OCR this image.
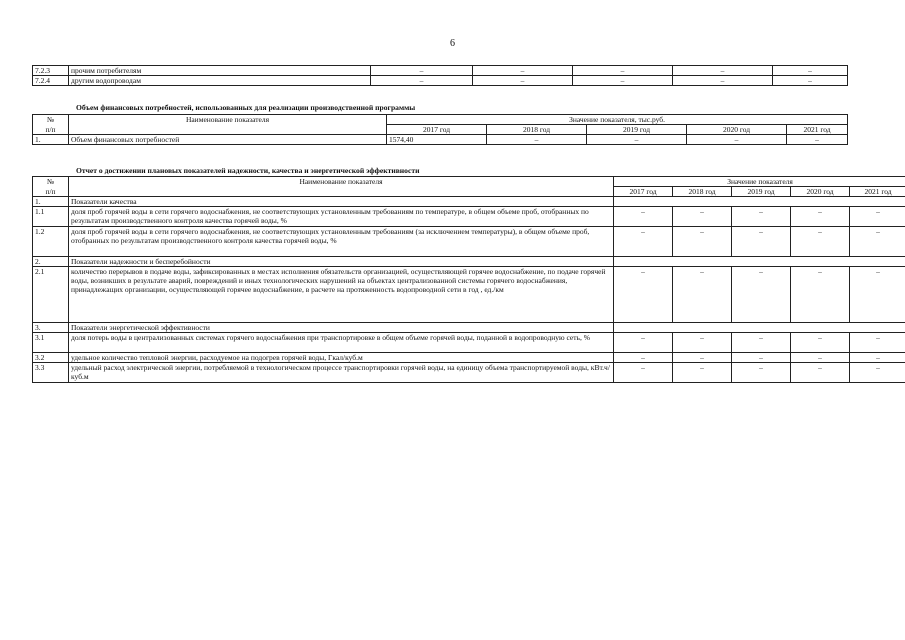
6
7.2.3	прочим потребителям	–	–	–	–	–
7.2.4	другим водопроводам	–	–	–	–	–
Объем финансовых потребностей, использованных для реализации производственной программы
№	Наименование показателя	Значение показателя, тыс.руб.				
п/п		2017 год	2018 год	2019 год	2020 год	2021 год
1.	Объем финансовых потребностей	1574,40	–	–	–	–
Отчет о достижении плановых показателей надежности, качества и энергетической эффективности
№	Наименование показателя	Значение показателя				
п/п		2017 год	2018 год	2019 год	2020 год	2021 год
1.	Показатели качества					
1.1	доля проб горячей воды в сети горячего водоснабжения, не соответствующих установленным требованиям по температуре, в общем объеме проб, отобранных по результатам производственного контроля качества горячей воды, %	–	–	–	–	–
1.2	доля проб горячей воды в сети горячего водоснабжения, не соответствующих установленным требованиям (за исключением температуры), в общем объеме проб, отобранных по результатам производственного контроля качества горячей воды, %	–	–	–	–	–
2.	Показатели надежности и бесперебойности					
2.1	количество перерывов в подаче воды, зафиксированных в местах исполнения обязательств организацией, осуществляющей горячее водоснабжение, по подаче горячей воды, возникших в результате аварий, повреждений и иных технологических нарушений на объектах централизованной системы горячего водоснабжения, принадлежащих организации, осуществляющей горячее водоснабжение, в расчете на протяженность водопроводной сети в год , ед./км	–	–	–	–	–
3.	Показатели энергетической эффективности					
3.1	доля потерь воды в централизованных системах горячего водоснабжения при транспортировке в общем объеме горячей воды, поданной в водопроводную сеть, %	–	–	–	–	–
3.2	удельное количество тепловой энергии, расходуемое на подогрев горячей воды, Гкал/куб.м	–	–	–	–	–
3.3	удельный расход электрической энергии, потребляемой в технологическом процессе транспортировки горячей воды, на единицу объема транспортируемой воды, кВт.ч/куб.м	–	–	–	–	–
